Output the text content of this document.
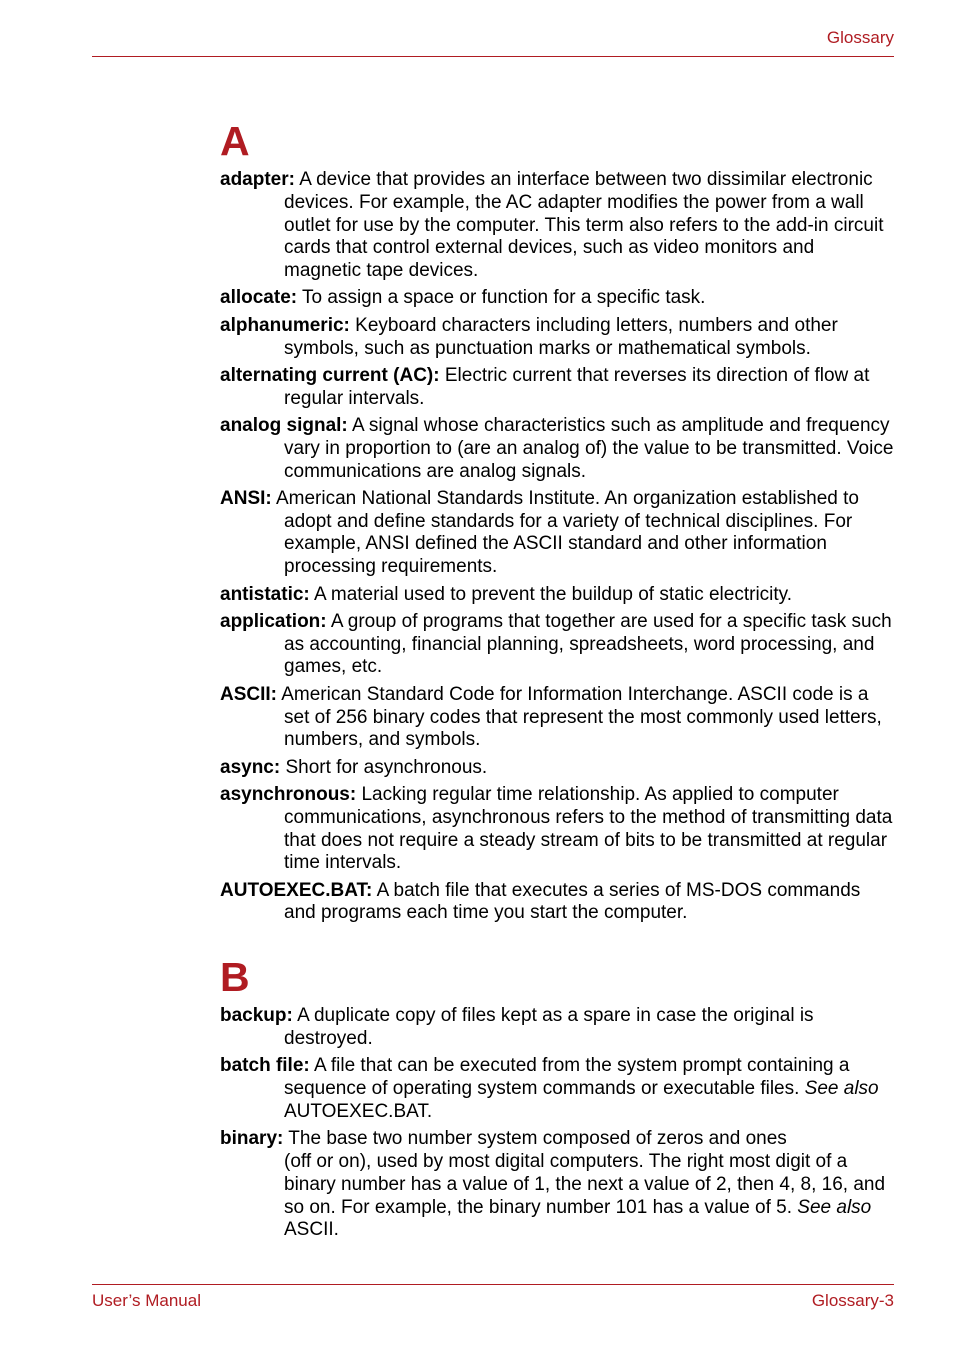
Glossary
A

adapter: A device that provides an interface between two dissimilar electronic devices. For example, the AC adapter modifies the power from a wall outlet for use by the computer. This term also refers to the add-in circuit cards that control external devices, such as video monitors and magnetic tape devices.

allocate: To assign a space or function for a specific task.

alphanumeric: Keyboard characters including letters, numbers and other symbols, such as punctuation marks or mathematical symbols.

alternating current (AC): Electric current that reverses its direction of flow at regular intervals.

analog signal: A signal whose characteristics such as amplitude and frequency vary in proportion to (are an analog of) the value to be transmitted. Voice communications are analog signals.

ANSI: American National Standards Institute. An organization established to adopt and define standards for a variety of technical disciplines. For example, ANSI defined the ASCII standard and other information processing requirements.

antistatic: A material used to prevent the buildup of static electricity.

application: A group of programs that together are used for a specific task such as accounting, financial planning, spreadsheets, word processing, and games, etc.

ASCII: American Standard Code for Information Interchange. ASCII code is a set of 256 binary codes that represent the most commonly used letters, numbers, and symbols.

async: Short for asynchronous.

asynchronous: Lacking regular time relationship. As applied to computer communications, asynchronous refers to the method of transmitting data that does not require a steady stream of bits to be transmitted at regular time intervals.

AUTOEXEC.BAT: A batch file that executes a series of MS-DOS commands and programs each time you start the computer.

B

backup: A duplicate copy of files kept as a spare in case the original is destroyed.

batch file: A file that can be executed from the system prompt containing a sequence of operating system commands or executable files. See also AUTOEXEC.BAT.

binary: The base two number system composed of zeros and ones
(off or on), used by most digital computers. The right most digit of a binary number has a value of 1, the next a value of 2, then 4, 8, 16, and so on. For example, the binary number 101 has a value of 5. See also ASCII.

User’s Manual	Glossary-3
